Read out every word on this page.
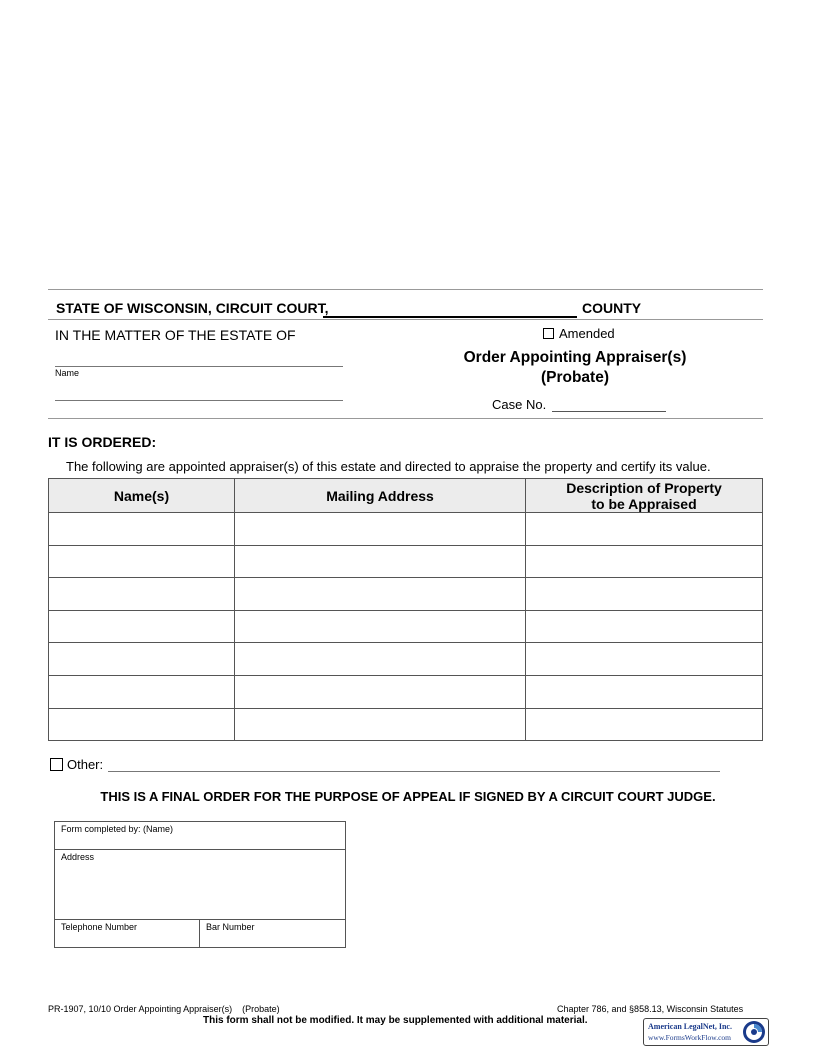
STATE OF WISCONSIN, CIRCUIT COURT,	COUNTY
IN THE MATTER OF THE ESTATE OF
Name
Amended
Order Appointing Appraiser(s)
(Probate)
Case No.
IT IS ORDERED:
The following are appointed appraiser(s) of this estate and directed to appraise the property and certify its value.
Name(s)	Mailing Address	Description of Property
to be Appraised

Other:
THIS IS A FINAL ORDER FOR THE PURPOSE OF APPEAL IF SIGNED BY A CIRCUIT COURT JUDGE.
Form completed by: (Name)
Address
Telephone Number	Bar Number
PR-1907, 10/10 Order Appointing Appraiser(s)    (Probate)	Chapter 786, and §858.13, Wisconsin Statutes
This form shall not be modified. It may be supplemented with additional material.
American LegalNet, Inc.
www.FormsWorkFlow.com
